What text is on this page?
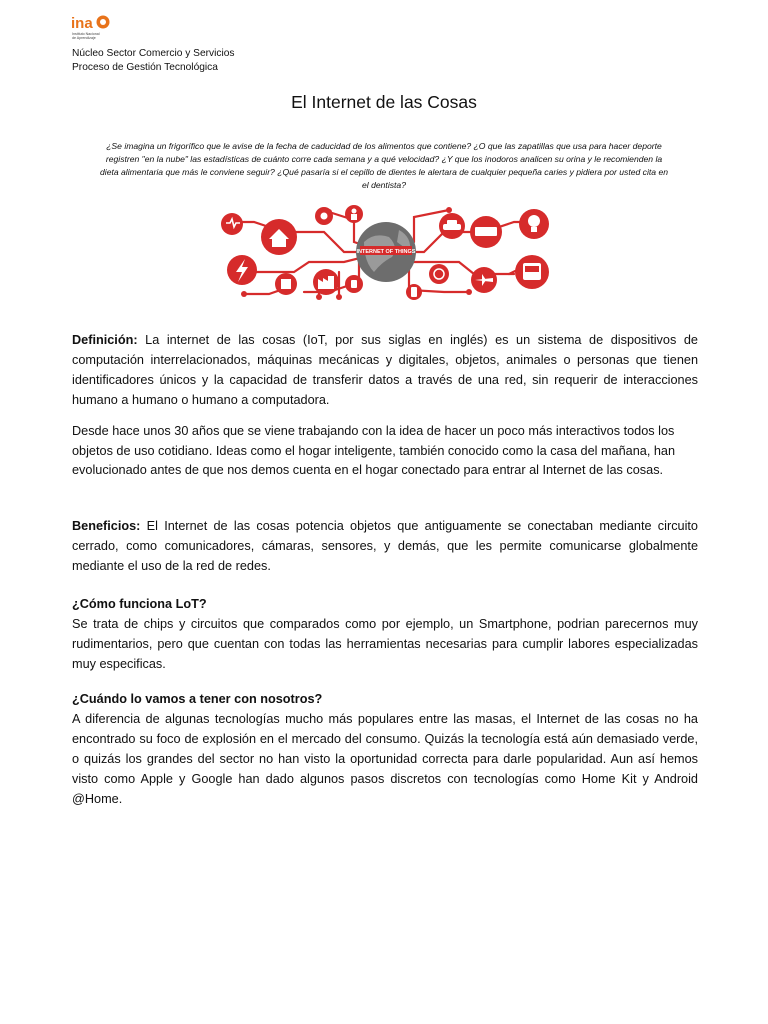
ina
Instituto Nacional
de Aprendizaje
Núcleo Sector Comercio y Servicios
Proceso de Gestión Tecnológica
El Internet de las Cosas
¿Se imagina un frigorífico que le avise de la fecha de caducidad de los alimentos que contiene? ¿O que las zapatillas que usa para hacer deporte registren "en la nube" las estadísticas de cuánto corre cada semana y a qué velocidad? ¿Y que los inodoros analicen su orina y le recomienden la dieta alimentaria que más le conviene seguir? ¿Qué pasaría si el cepillo de dientes le alertara de cualquier pequeña caries y pidiera por usted cita en el dentista?
INTERNET OF THINGS
Definición: La internet de las cosas (IoT, por sus siglas en inglés) es un sistema de dispositivos de computación interrelacionados, máquinas mecánicas y digitales, objetos, animales o personas que tienen identificadores únicos y la capacidad de transferir datos a través de una red, sin requerir de interacciones humano a humano o humano a computadora.
Desde hace unos 30 años que se viene trabajando con la idea de hacer un poco más interactivos todos los objetos de uso cotidiano. Ideas como el hogar inteligente, también conocido como la casa del mañana, han evolucionado antes de que nos demos cuenta en el hogar conectado para entrar al Internet de las cosas.
Beneficios: El Internet de las cosas potencia objetos que antiguamente se conectaban mediante circuito cerrado, como comunicadores, cámaras, sensores, y demás, que les permite comunicarse globalmente mediante el uso de la red de redes.
¿Cómo funciona LoT?
Se trata de chips y circuitos que comparados como por ejemplo, un Smartphone, podrian parecernos muy rudimentarios, pero que cuentan con todas las herramientas necesarias para cumplir labores especializadas muy especificas.
¿Cuándo lo vamos a tener con nosotros?
A diferencia de algunas tecnologías mucho más populares entre las masas, el Internet de las cosas no ha encontrado su foco de explosión en el mercado del consumo. Quizás la tecnología está aún demasiado verde, o quizás los grandes del sector no han visto la oportunidad correcta para darle popularidad. Aun así hemos visto como Apple y Google han dado algunos pasos discretos con tecnologías como Home Kit y Android @Home.
